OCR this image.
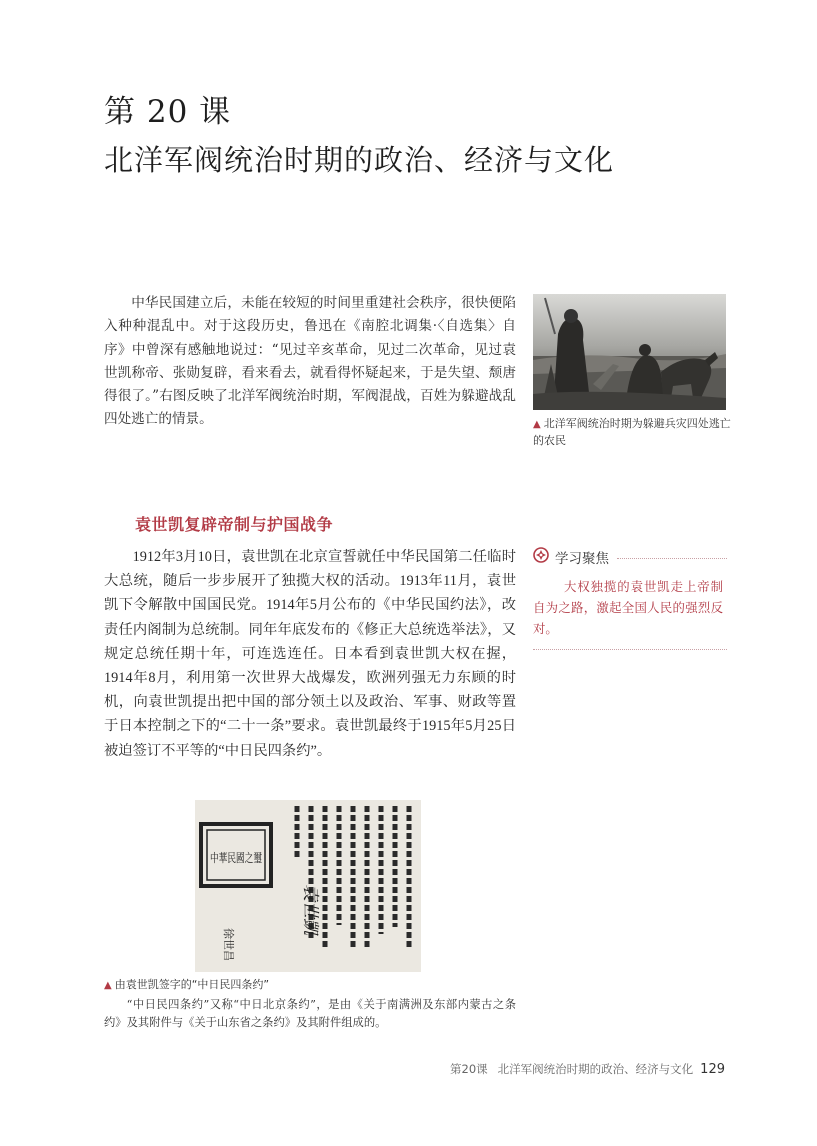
第 20 课
北洋军阀统治时期的政治、经济与文化

中华民国建立后，未能在较短的时间里重建社会秩序，很快便陷入种种混乱中。对于这段历史，鲁迅在《南腔北调集·〈自选集〉自序》中曾深有感触地说过：“见过辛亥革命，见过二次革命，见过袁世凯称帝、张勋复辟，看来看去，就看得怀疑起来，于是失望、颓唐得很了。”右图反映了北洋军阀统治时期，军阀混战，百姓为躲避战乱四处逃亡的情景。	▲ 北洋军阀统治时期为躲避兵灾四处逃亡的农民
袁世凯复辟帝制与护国战争

1912年3月10日，袁世凯在北京宣誓就任中华民国第二任临时大总统，随后一步步展开了独揽大权的活动。1913年11月，袁世凯下令解散中国国民党。1914年5月公布的《中华民国约法》，改责任内阁制为总统制。同年年底发布的《修正大总统选举法》，又规定总统任期十年，可连选连任。日本看到袁世凯大权在握，1914年8月，利用第一次世界大战爆发，欧洲列强无力东顾的时机，向袁世凯提出把中国的部分领土以及政治、军事、财政等置于日本控制之下的“二十一条”要求。袁世凯最终于1915年5月25日被迫签订不平等的“中日民四条约”。

学习聚焦

大权独揽的袁世凯走上帝制自为之路，激起全国人民的强烈反对。

中華民國之璽
袁世凱
徐世昌
▲ 由袁世凯签字的“中日民四条约”

“中日民四条约”又称“中日北京条约”，是由《关于南满洲及东部内蒙古之条约》及其附件与《关于山东省之条约》及其附件组成的。

第20课 北洋军阀统治时期的政治、经济与文化 129
